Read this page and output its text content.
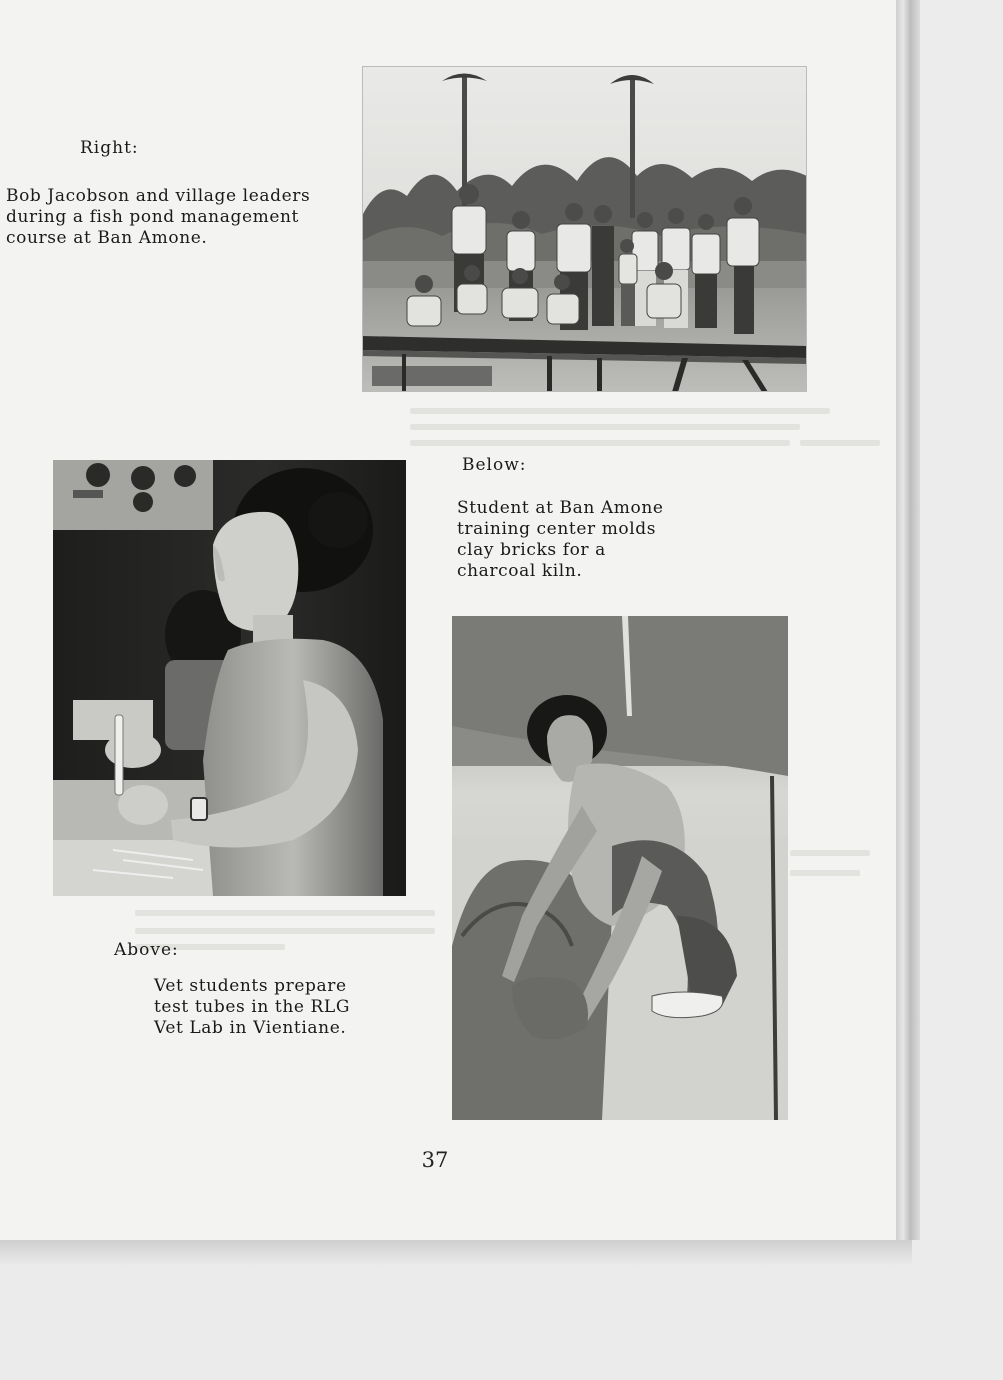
Right:
Bob Jacobson and village leaders
during a fish pond management
course at Ban Amone.
Below:
Student at Ban Amone
training center molds
clay bricks for a
charcoal kiln.
Above:
Vet students prepare
test tubes in the RLG
Vet Lab in Vientiane.
37
